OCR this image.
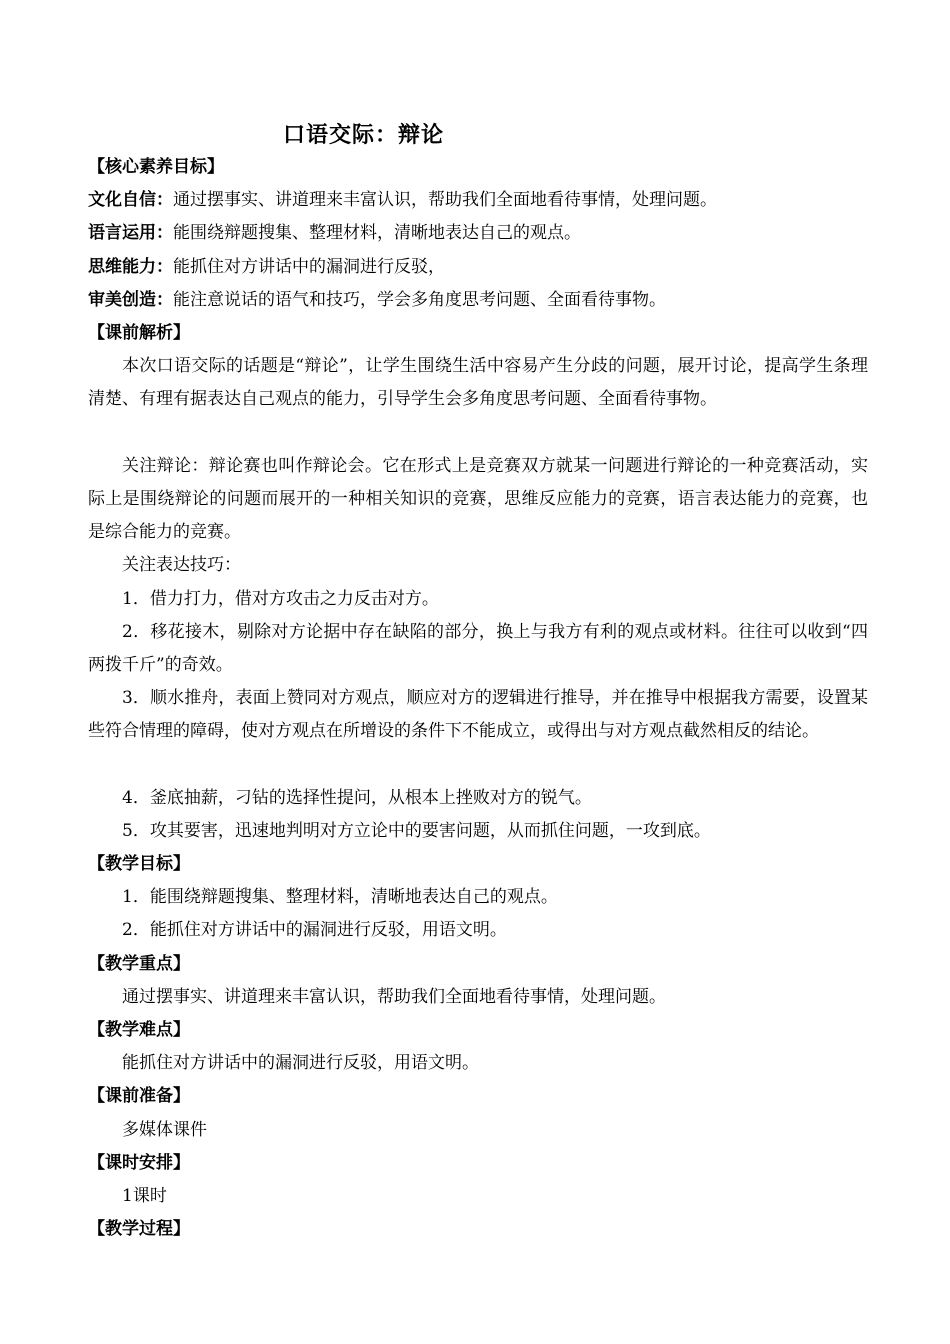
口语交际：辩论
【核心素养目标】
文化自信：通过摆事实、讲道理来丰富认识，帮助我们全面地看待事情，处理问题。
语言运用：能围绕辩题搜集、整理材料，清晰地表达自己的观点。
思维能力：能抓住对方讲话中的漏洞进行反驳，
审美创造：能注意说话的语气和技巧，学会多角度思考问题、全面看待事物。
【课前解析】
本次口语交际的话题是“辩论”，让学生围绕生活中容易产生分歧的问题，展开讨论，提高学生条理清楚、有理有据表达自己观点的能力，引导学生会多角度思考问题、全面看待事物。
关注辩论：辩论赛也叫作辩论会。它在形式上是竞赛双方就某一问题进行辩论的一种竞赛活动，实际上是围绕辩论的问题而展开的一种相关知识的竞赛，思维反应能力的竞赛，语言表达能力的竞赛，也是综合能力的竞赛。
关注表达技巧：
1．借力打力，借对方攻击之力反击对方。
2．移花接木，剔除对方论据中存在缺陷的部分，换上与我方有利的观点或材料。往往可以收到“四两拨千斤”的奇效。
3．顺水推舟，表面上赞同对方观点，顺应对方的逻辑进行推导，并在推导中根据我方需要，设置某些符合情理的障碍，使对方观点在所增设的条件下不能成立，或得出与对方观点截然相反的结论。
4．釜底抽薪，刁钻的选择性提问，从根本上挫败对方的锐气。
5．攻其要害，迅速地判明对方立论中的要害问题，从而抓住问题，一攻到底。
【教学目标】
1．能围绕辩题搜集、整理材料，清晰地表达自己的观点。
2．能抓住对方讲话中的漏洞进行反驳，用语文明。
【教学重点】
通过摆事实、讲道理来丰富认识，帮助我们全面地看待事情，处理问题。
【教学难点】
能抓住对方讲话中的漏洞进行反驳，用语文明。
【课前准备】
多媒体课件
【课时安排】
1课时
【教学过程】
